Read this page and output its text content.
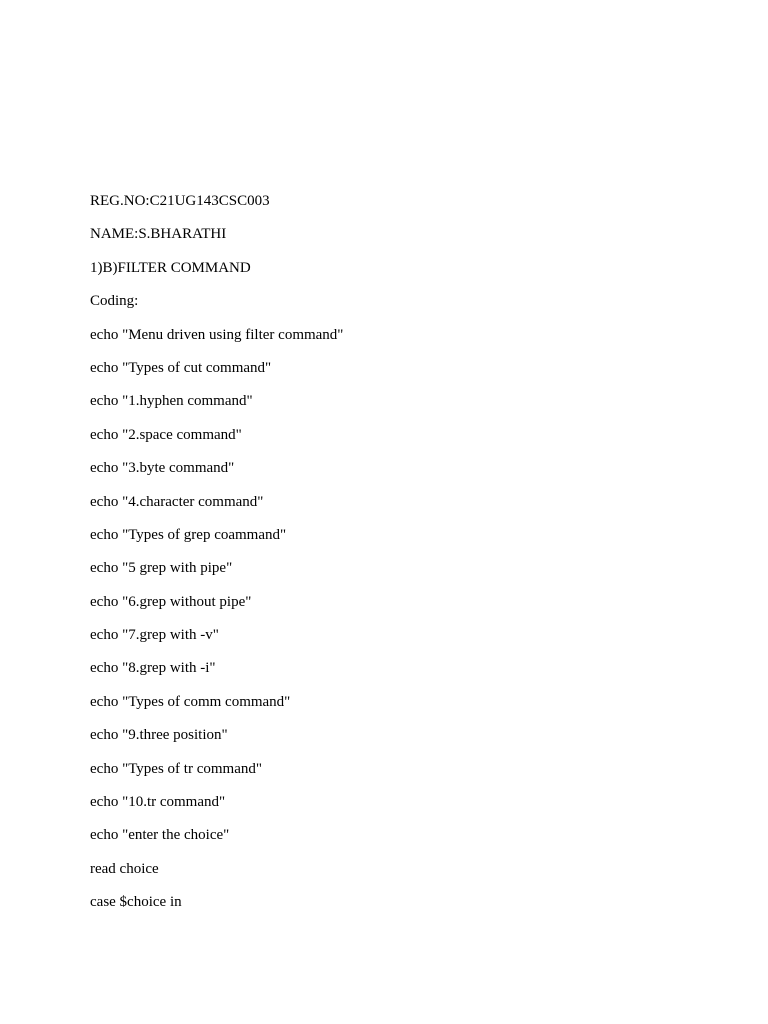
REG.NO:C21UG143CSC003
NAME:S.BHARATHI
1)B)FILTER COMMAND
Coding:
echo "Menu driven using filter command"
echo "Types of cut command"
echo "1.hyphen command"
echo "2.space command"
echo "3.byte command"
echo "4.character command"
echo "Types of grep coammand"
echo "5 grep with pipe"
echo "6.grep without pipe"
echo "7.grep with -v"
echo "8.grep with -i"
echo "Types of comm command"
echo "9.three position"
echo "Types of tr command"
echo "10.tr command"
echo "enter the choice"
read choice
case $choice in
